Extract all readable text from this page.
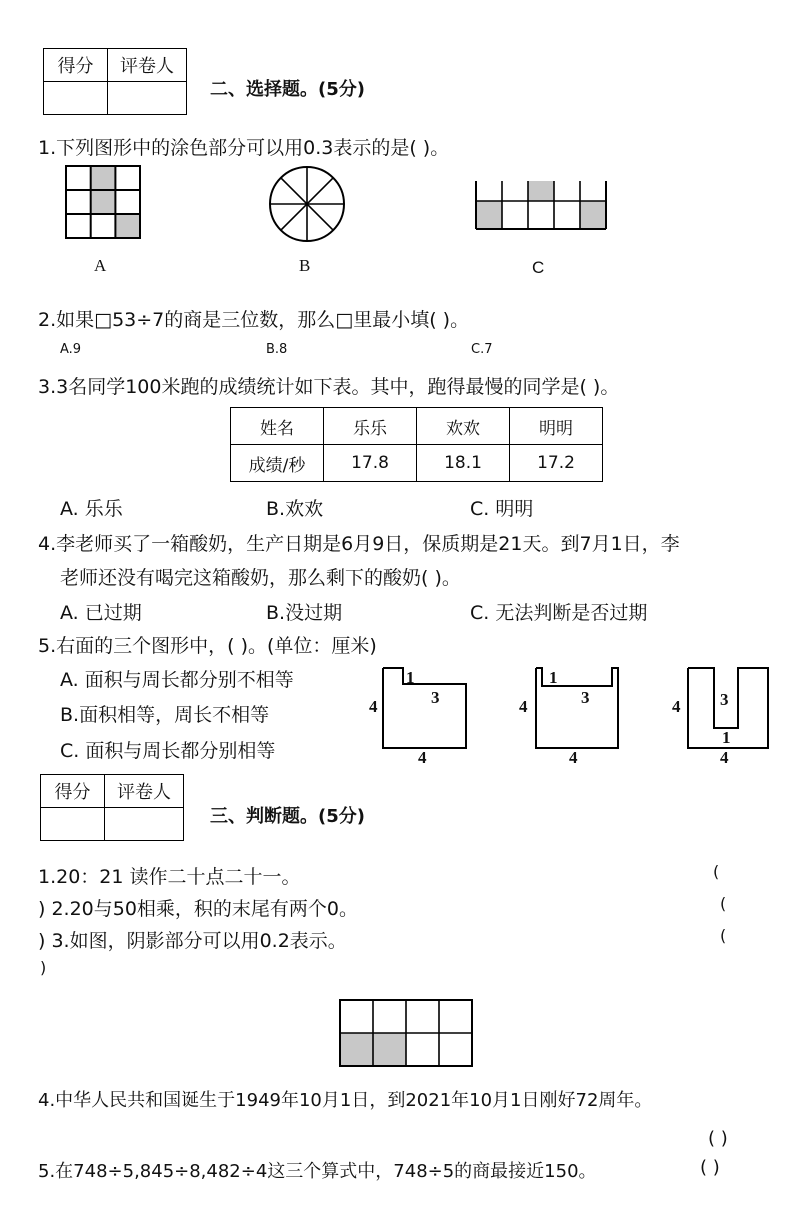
得分	评卷人

二、选择题。(5分)
1.下列图形中的涂色部分可以用0.3表示的是( )。
A	B	C
2.如果□53÷7的商是三位数，那么□里最小填( )。
A.9	B.8	C.7
3.3名同学100米跑的成绩统计如下表。其中，跑得最慢的同学是( )。
姓名	乐乐	欢欢	明明
成绩/秒	17.8	18.1	17.2
A. 乐乐	B.欢欢	C. 明明
4.李老师买了一箱酸奶，生产日期是6月9日，保质期是21天。到7月1日，李
老师还没有喝完这箱酸奶，那么剩下的酸奶( )。
A. 已过期	B.没过期	C. 无法判断是否过期
5.右面的三个图形中，( )。(单位：厘米)
A. 面积与周长都分别不相等
B.面积相等，周长不相等
C. 面积与周长都分别相等
4
1
3
4
4
1
3
4
4 3
1
4
得分	评卷人

三、判断题。(5分)
1.20：21 读作二十点二十一。	(
) 2.20与50相乘，积的末尾有两个0。	(
) 3.如图，阴影部分可以用0.2表示。	(
)
4.中华人民共和国诞生于1949年10月1日，到2021年10月1日刚好72周年。
( )
5.在748÷5,845÷8,482÷4这三个算式中，748÷5的商最接近150。	( )
